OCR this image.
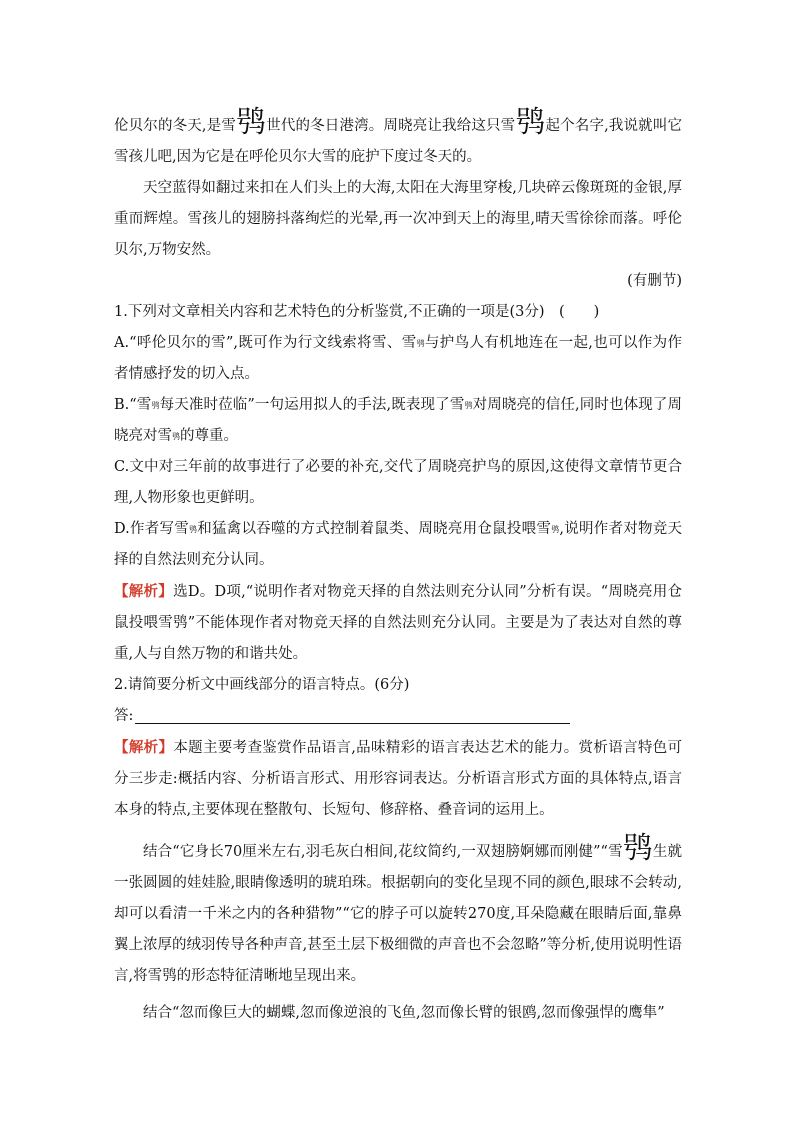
伦贝尔的冬天,是雪鸮世代的冬日港湾。周晓亮让我给这只雪鸮起个名字,我说就叫它雪孩儿吧,因为它是在呼伦贝尔大雪的庇护下度过冬天的。

天空蓝得如翻过来扣在人们头上的大海,太阳在大海里穿梭,几块碎云像斑斑的金银,厚重而辉煌。雪孩儿的翅膀抖落绚烂的光晕,再一次冲到天上的海里,晴天雪徐徐而落。呼伦贝尔,万物安然。

(有删节)

1.下列对文章相关内容和艺术特色的分析鉴赏,不正确的一项是(3分)　(　　)

A.“呼伦贝尔的雪”,既可作为行文线索将雪、雪鸮与护鸟人有机地连在一起,也可以作为作者情感抒发的切入点。

B.“雪鸮每天准时莅临”一句运用拟人的手法,既表现了雪鸮对周晓亮的信任,同时也体现了周晓亮对雪鸮的尊重。

C.文中对三年前的故事进行了必要的补充,交代了周晓亮护鸟的原因,这使得文章情节更合理,人物形象也更鲜明。

D.作者写雪鸮和猛禽以吞噬的方式控制着鼠类、周晓亮用仓鼠投喂雪鸮,说明作者对物竞天择的自然法则充分认同。

【解析】选D。D项,“说明作者对物竞天择的自然法则充分认同”分析有误。“周晓亮用仓鼠投喂雪鸮”不能体现作者对物竞天择的自然法则充分认同。主要是为了表达对自然的尊重,人与自然万物的和谐共处。

2.请简要分析文中画线部分的语言特点。(6分)

答:

【解析】本题主要考查鉴赏作品语言,品味精彩的语言表达艺术的能力。赏析语言特色可分三步走:概括内容、分析语言形式、用形容词表达。分析语言形式方面的具体特点,语言本身的特点,主要体现在整散句、长短句、修辞格、叠音词的运用上。

结合“它身长70厘米左右,羽毛灰白相间,花纹简约,一双翅膀婀娜而刚健”“雪鸮生就一张圆圆的娃娃脸,眼睛像透明的琥珀珠。根据朝向的变化呈现不同的颜色,眼球不会转动,却可以看清一千米之内的各种猎物”“它的脖子可以旋转270度,耳朵隐藏在眼睛后面,靠鼻翼上浓厚的绒羽传导各种声音,甚至土层下极细微的声音也不会忽略”等分析,使用说明性语言,将雪鸮的形态特征清晰地呈现出来。

结合“忽而像巨大的蝴蝶,忽而像逆浪的飞鱼,忽而像长臂的银鸥,忽而像强悍的鹰隼”
